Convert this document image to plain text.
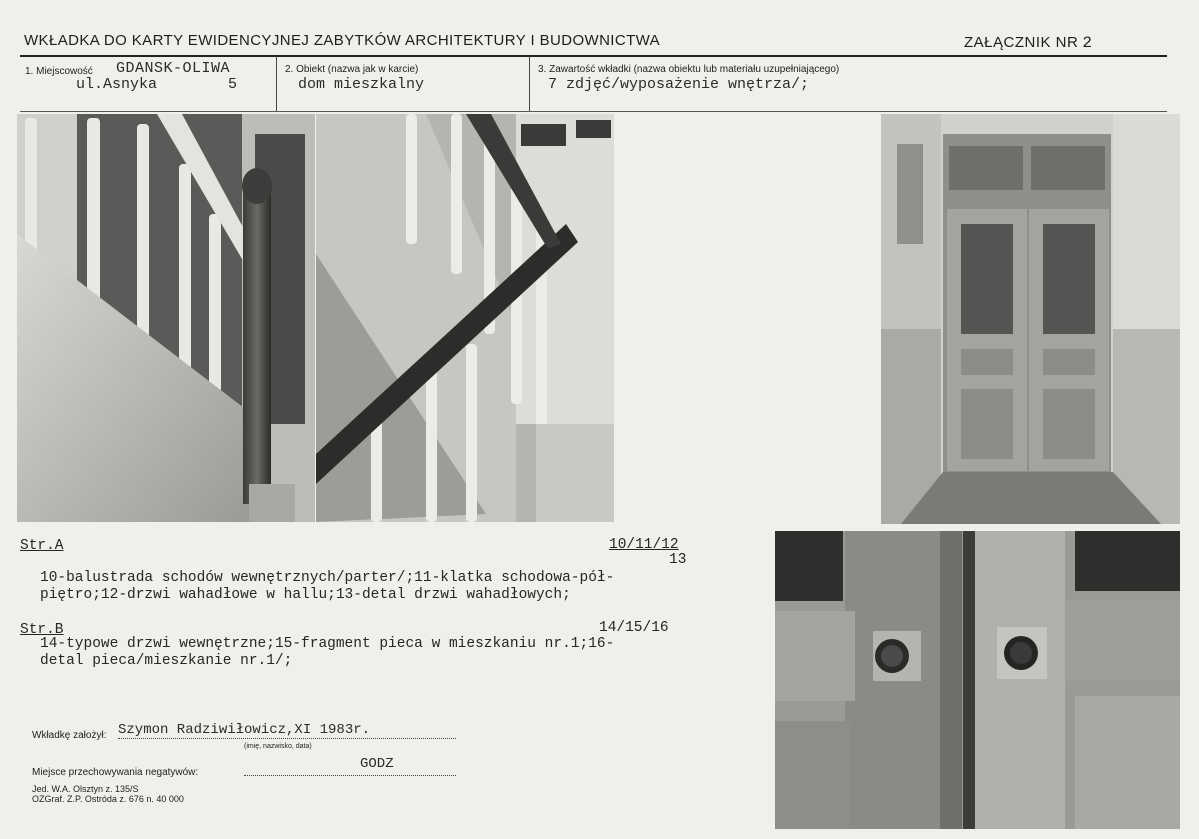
WKŁADKA DO KARTY EWIDENCYJNEJ ZABYTKÓW ARCHITEKTURY I BUDOWNICTWA	ZAŁĄCZNIK NR 2
1. Miejscowość GDANSK-OLIWA
ul.Asnyka	5
2. Obiekt (nazwa jak w karcie)
dom mieszkalny
3. Zawartość wkładki (nazwa obiektu lub materiału uzupełniającego)
7 zdjęć/wyposażenie wnętrza/;
Str.A	10/11/12
13
10-balustrada schodów wewnętrznych/parter/;11-klatka schodowa-pół-
piętro;12-drzwi wahadłowe w hallu;13-detal drzwi wahadłowych;
Str.B	14/15/16
14-typowe drzwi wewnętrzne;15-fragment pieca w mieszkaniu nr.1;16-
detal pieca/mieszkanie nr.1/;
Wkładkę założył: Szymon Radziwiłowicz,XI 1983r.
(imię, nazwisko, data)
Miejsce przechowywania negatywów:
GODZ
Jed. W.A. Olsztyn z. 135/S
OZGraf. Z.P. Ostróda z. 676 n. 40 000
